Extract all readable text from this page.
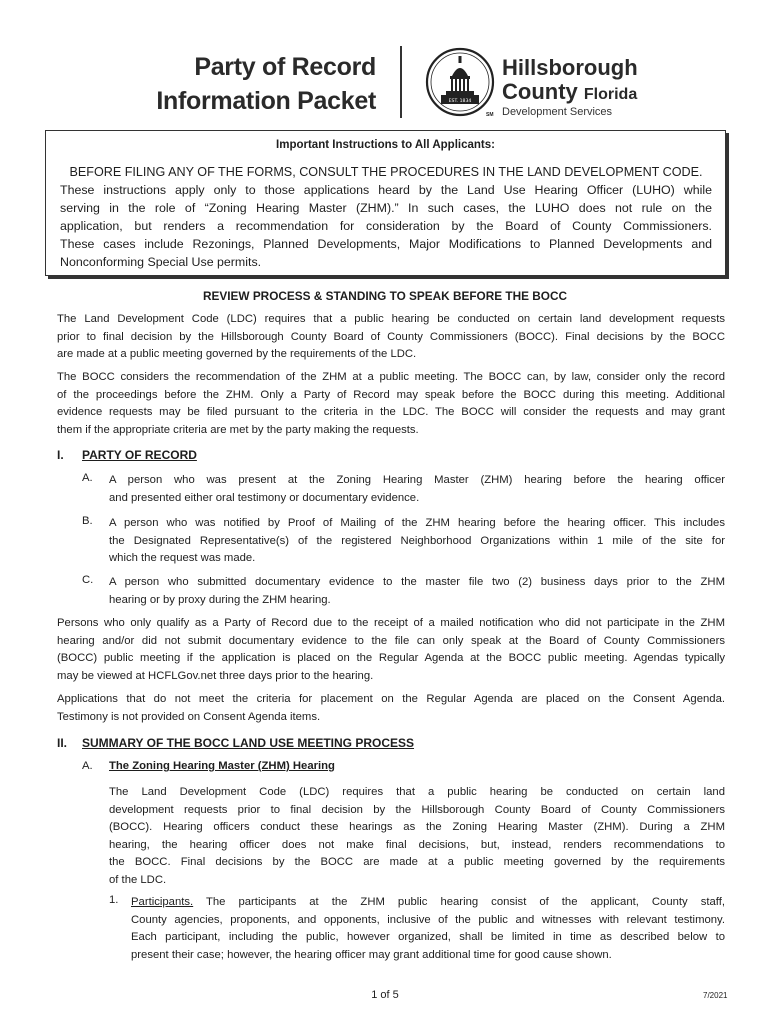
Party of Record
Information Packet	EST. 1834
SM
Hillsborough
County Florida
Development Services
Important Instructions to All Applicants:
BEFORE FILING ANY OF THE FORMS, CONSULT THE PROCEDURES IN THE LAND DEVELOPMENT CODE.
These instructions apply only to those applications heard by the Land Use Hearing Officer (LUHO) while
serving in the role of “Zoning Hearing Master (ZHM).” In such cases, the LUHO does not rule on the
application, but renders a recommendation for consideration by the Board of County Commissioners.
These cases include Rezonings, Planned Developments, Major Modifications to Planned Developments and
Nonconforming Special Use permits.
REVIEW PROCESS & STANDING TO SPEAK BEFORE THE BOCC
The Land Development Code (LDC) requires that a public hearing be conducted on certain land development requests
prior to final decision by the Hillsborough County Board of County Commissioners (BOCC). Final decisions by the BOCC
are made at a public meeting governed by the requirements of the LDC.
The BOCC considers the recommendation of the ZHM at a public meeting. The BOCC can, by law, consider only the record
of the proceedings before the ZHM. Only a Party of Record may speak before the BOCC during this meeting. Additional
evidence requests may be filed pursuant to the criteria in the LDC. The BOCC will consider the requests and may grant
them if the appropriate criteria are met by the party making the requests.
I. PARTY OF RECORD
A. A person who was present at the Zoning Hearing Master (ZHM) hearing before the hearing officer
and presented either oral testimony or documentary evidence.
B. A person who was notified by Proof of Mailing of the ZHM hearing before the hearing officer. This includes
the Designated Representative(s) of the registered Neighborhood Organizations within 1 mile of the site for
which the request was made.
C. A person who submitted documentary evidence to the master file two (2) business days prior to the ZHM
hearing or by proxy during the ZHM hearing.
Persons who only qualify as a Party of Record due to the receipt of a mailed notification who did not participate in the ZHM
hearing and/or did not submit documentary evidence to the file can only speak at the Board of County Commissioners
(BOCC) public meeting if the application is placed on the Regular Agenda at the BOCC public meeting. Agendas typically
may be viewed at HCFLGov.net three days prior to the hearing.
Applications that do not meet the criteria for placement on the Regular Agenda are placed on the Consent Agenda.
Testimony is not provided on Consent Agenda items.
II. SUMMARY OF THE BOCC LAND USE MEETING PROCESS
A. The Zoning Hearing Master (ZHM) Hearing
The Land Development Code (LDC) requires that a public hearing be conducted on certain land
development requests prior to final decision by the Hillsborough County Board of County Commissioners
(BOCC). Hearing officers conduct these hearings as the Zoning Hearing Master (ZHM). During a ZHM
hearing, the hearing officer does not make final decisions, but, instead, renders recommendations to
the BOCC. Final decisions by the BOCC are made at a public meeting governed by the requirements
of the LDC.
1. Participants. The participants at the ZHM public hearing consist of the applicant, County staff,
County agencies, proponents, and opponents, inclusive of the public and witnesses with relevant testimony.
Each participant, including the public, however organized, shall be limited in time as described below to
present their case; however, the hearing officer may grant additional time for good cause shown.
1 of 5	7/2021
